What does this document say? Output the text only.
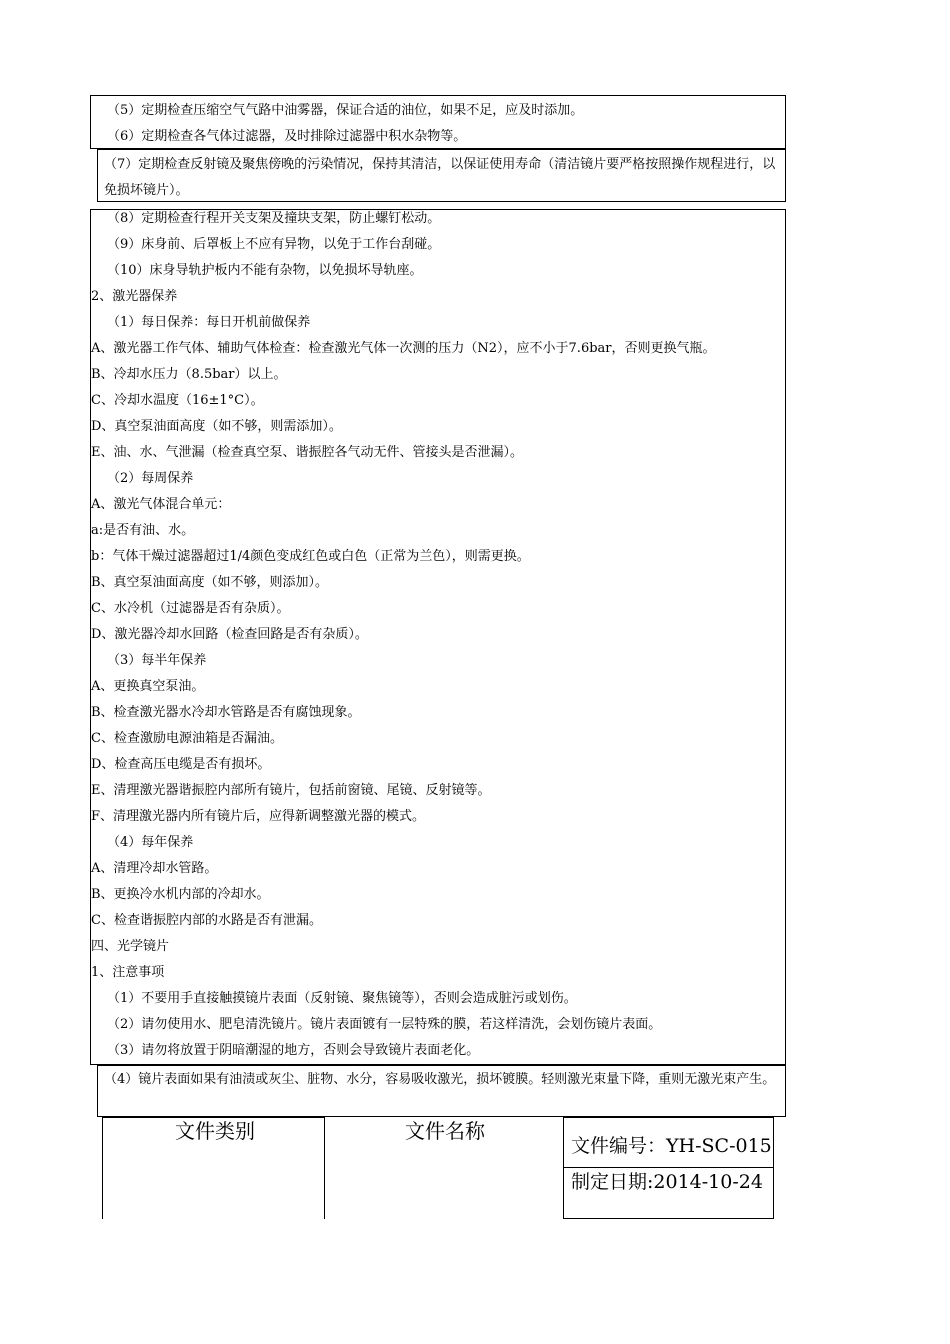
（5）定期检查压缩空气气路中油雾器，保证合适的油位，如果不足，应及时添加。
（6）定期检查各气体过滤器，及时排除过滤器中积水杂物等。
（7）定期检查反射镜及聚焦傍晚的污染情况，保持其清洁，以保证使用寿命（清洁镜片要严格按照操作规程进行，以免损坏镜片）。
（8）定期检查行程开关支架及撞块支架，防止螺钉松动。
（9）床身前、后罩板上不应有异物，以免于工作台刮碰。
（10）床身导轨护板内不能有杂物，以免损坏导轨座。
2、激光器保养
（1）每日保养：每日开机前做保养
A、激光器工作气体、辅助气体检查：检查激光气体一次测的压力（N2），应不小于7.6bar，否则更换气瓶。
B、冷却水压力（8.5bar）以上。
C、冷却水温度（16±1°C）。
D、真空泵油面高度（如不够，则需添加）。
E、油、水、气泄漏（检查真空泵、谐振腔各气动无件、管接头是否泄漏）。
（2）每周保养
A、激光气体混合单元：
a:是否有油、水。
b：气体干燥过滤器超过1/4颜色变成红色或白色（正常为兰色），则需更换。
B、真空泵油面高度（如不够，则添加）。
C、水冷机（过滤器是否有杂质）。
D、激光器冷却水回路（检查回路是否有杂质）。
（3）每半年保养
A、更换真空泵油。
B、检查激光器水冷却水管路是否有腐蚀现象。
C、检查激励电源油箱是否漏油。
D、检查高压电缆是否有损坏。
E、清理激光器谐振腔内部所有镜片，包括前窗镜、尾镜、反射镜等。
F、清理激光器内所有镜片后，应得新调整激光器的模式。
（4）每年保养
A、清理冷却水管路。
B、更换冷水机内部的冷却水。
C、检查谐振腔内部的水路是否有泄漏。
四、光学镜片
1、注意事项
（1）不要用手直接触摸镜片表面（反射镜、聚焦镜等），否则会造成脏污或划伤。
（2）请勿使用水、肥皂清洗镜片。镜片表面镀有一层特殊的膜，若这样清洗，会划伤镜片表面。
（3）请勿将放置于阴暗潮湿的地方，否则会导致镜片表面老化。
（4）镜片表面如果有油渍或灰尘、脏物、水分，容易吸收激光，损坏镀膜。轻则激光束量下降，重则无激光束产生。
文件类别	文件名称
文件编号：YH-SC-015
制定日期:2014-10-24
